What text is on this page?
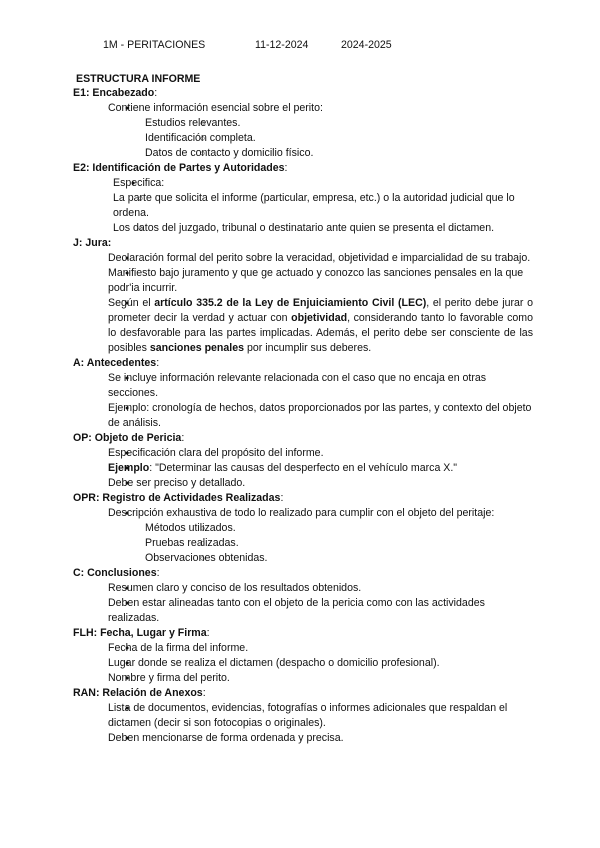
1M - PERITACIONES	11-12-2024	2024-2025
ESTRUCTURA INFORME
E1: Encabezado:
● Contiene información esencial sobre el perito:
○ Estudios relevantes.
○ Identificación completa.
○ Datos de contacto y domicilio físico.
E2: Identificación de Partes y Autoridades:
● Especifica:
○ La parte que solicita el informe (particular, empresa, etc.) o la autoridad judicial que lo ordena.
○ Los datos del juzgado, tribunal o destinatario ante quien se presenta el dictamen.
J: Jura:
● Declaración formal del perito sobre la veracidad, objetividad e imparcialidad de su trabajo.
● Manifiesto bajo juramento y que ge actuado y conozco las sanciones pensales en la que podr'ia incurrir.
● Según el artículo 335.2 de la Ley de Enjuiciamiento Civil (LEC), el perito debe jurar o prometer decir la verdad y actuar con objetividad, considerando tanto lo favorable como lo desfavorable para las partes implicadas. Además, el perito debe ser consciente de las posibles sanciones penales por incumplir sus deberes.
A: Antecedentes:
● Se incluye información relevante relacionada con el caso que no encaja en otras secciones.
● Ejemplo: cronología de hechos, datos proporcionados por las partes, y contexto del objeto de análisis.
OP: Objeto de Pericia:
● Especificación clara del propósito del informe.
● Ejemplo: "Determinar las causas del desperfecto en el vehículo marca X."
● Debe ser preciso y detallado.
OPR: Registro de Actividades Realizadas:
● Descripción exhaustiva de todo lo realizado para cumplir con el objeto del peritaje:
○ Métodos utilizados.
○ Pruebas realizadas.
○ Observaciones obtenidas.
C: Conclusiones:
● Resumen claro y conciso de los resultados obtenidos.
● Deben estar alineadas tanto con el objeto de la pericia como con las actividades realizadas.
FLH: Fecha, Lugar y Firma:
● Fecha de la firma del informe.
● Lugar donde se realiza el dictamen (despacho o domicilio profesional).
● Nombre y firma del perito.
RAN: Relación de Anexos:
● Lista de documentos, evidencias, fotografías o informes adicionales que respaldan el dictamen (decir si son fotocopias o originales).
● Deben mencionarse de forma ordenada y precisa.
